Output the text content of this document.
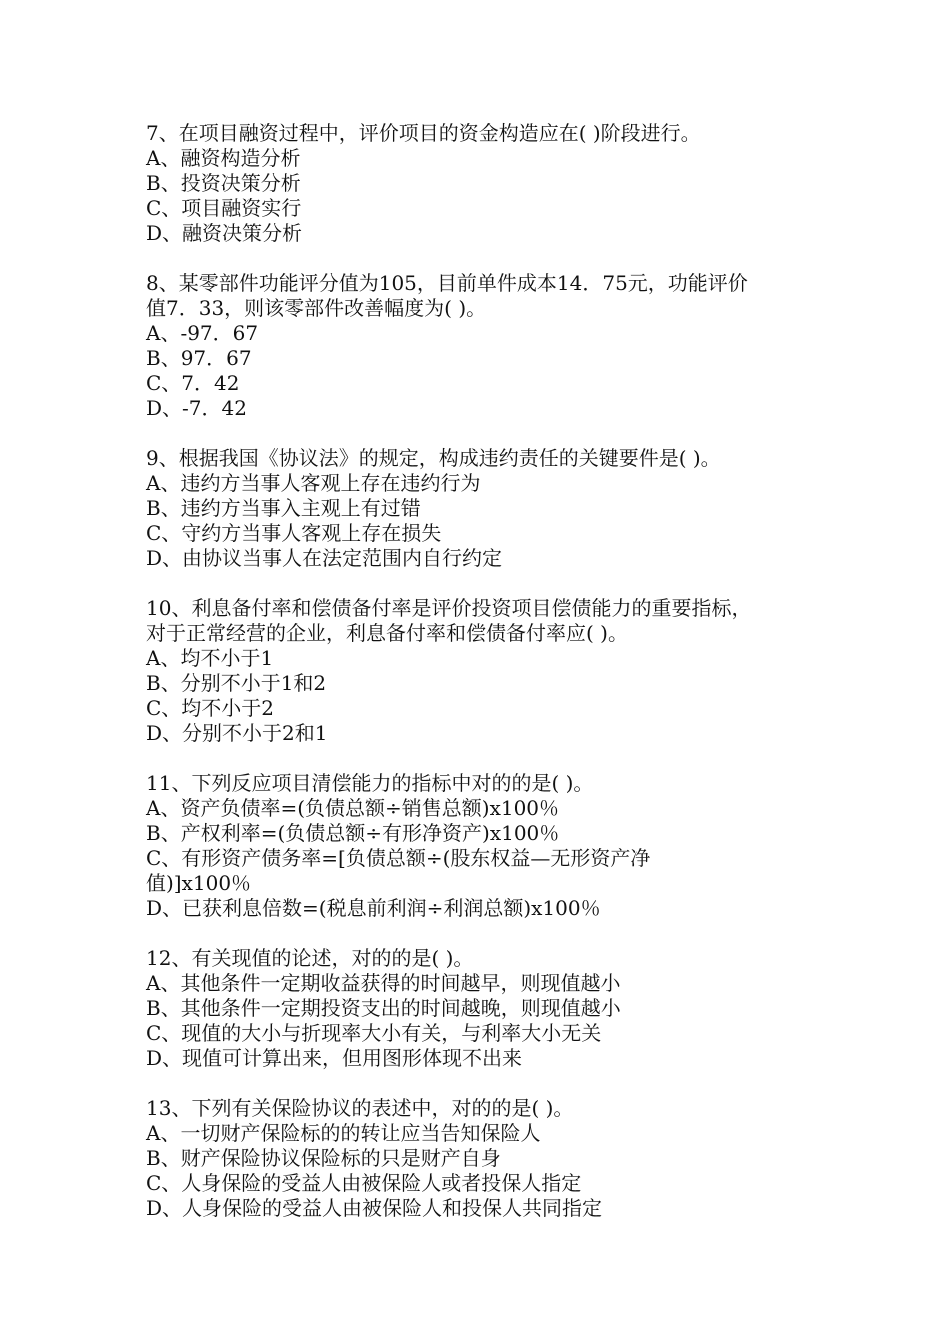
7、在项目融资过程中，评价项目的资金构造应在( )阶段进行。
A、融资构造分析
B、投资决策分析
C、项目融资实行
D、融资决策分析
8、某零部件功能评分值为105，目前单件成本14．75元，功能评价
值7．33，则该零部件改善幅度为( )。
A、-97．67
B、97．67
C、7．42
D、-7．42
9、根据我国《协议法》的规定，构成违约责任的关键要件是( )。
A、违约方当事人客观上存在违约行为
B、违约方当事入主观上有过错
C、守约方当事人客观上存在损失
D、由协议当事人在法定范围内自行约定
10、利息备付率和偿债备付率是评价投资项目偿债能力的重要指标，
对于正常经营的企业，利息备付率和偿债备付率应( )。
A、均不小于1
B、分别不小于1和2
C、均不小于2
D、分别不小于2和1
11、下列反应项目清偿能力的指标中对的的是( )。
A、资产负债率=(负债总额÷销售总额)x100％
B、产权利率=(负债总额÷有形净资产)x100％
C、有形资产债务率=[负债总额÷(股东权益—无形资产净
值)]x100％
D、已获利息倍数=(税息前利润÷利润总额)x100％
12、有关现值的论述，对的的是( )。
A、其他条件一定期收益获得的时间越早，则现值越小
B、其他条件一定期投资支出的时间越晚，则现值越小
C、现值的大小与折现率大小有关，与利率大小无关
D、现值可计算出来，但用图形体现不出来
13、下列有关保险协议的表述中，对的的是( )。
A、一切财产保险标的的转让应当告知保险人
B、财产保险协议保险标的只是财产自身
C、人身保险的受益人由被保险人或者投保人指定
D、人身保险的受益人由被保险人和投保人共同指定
